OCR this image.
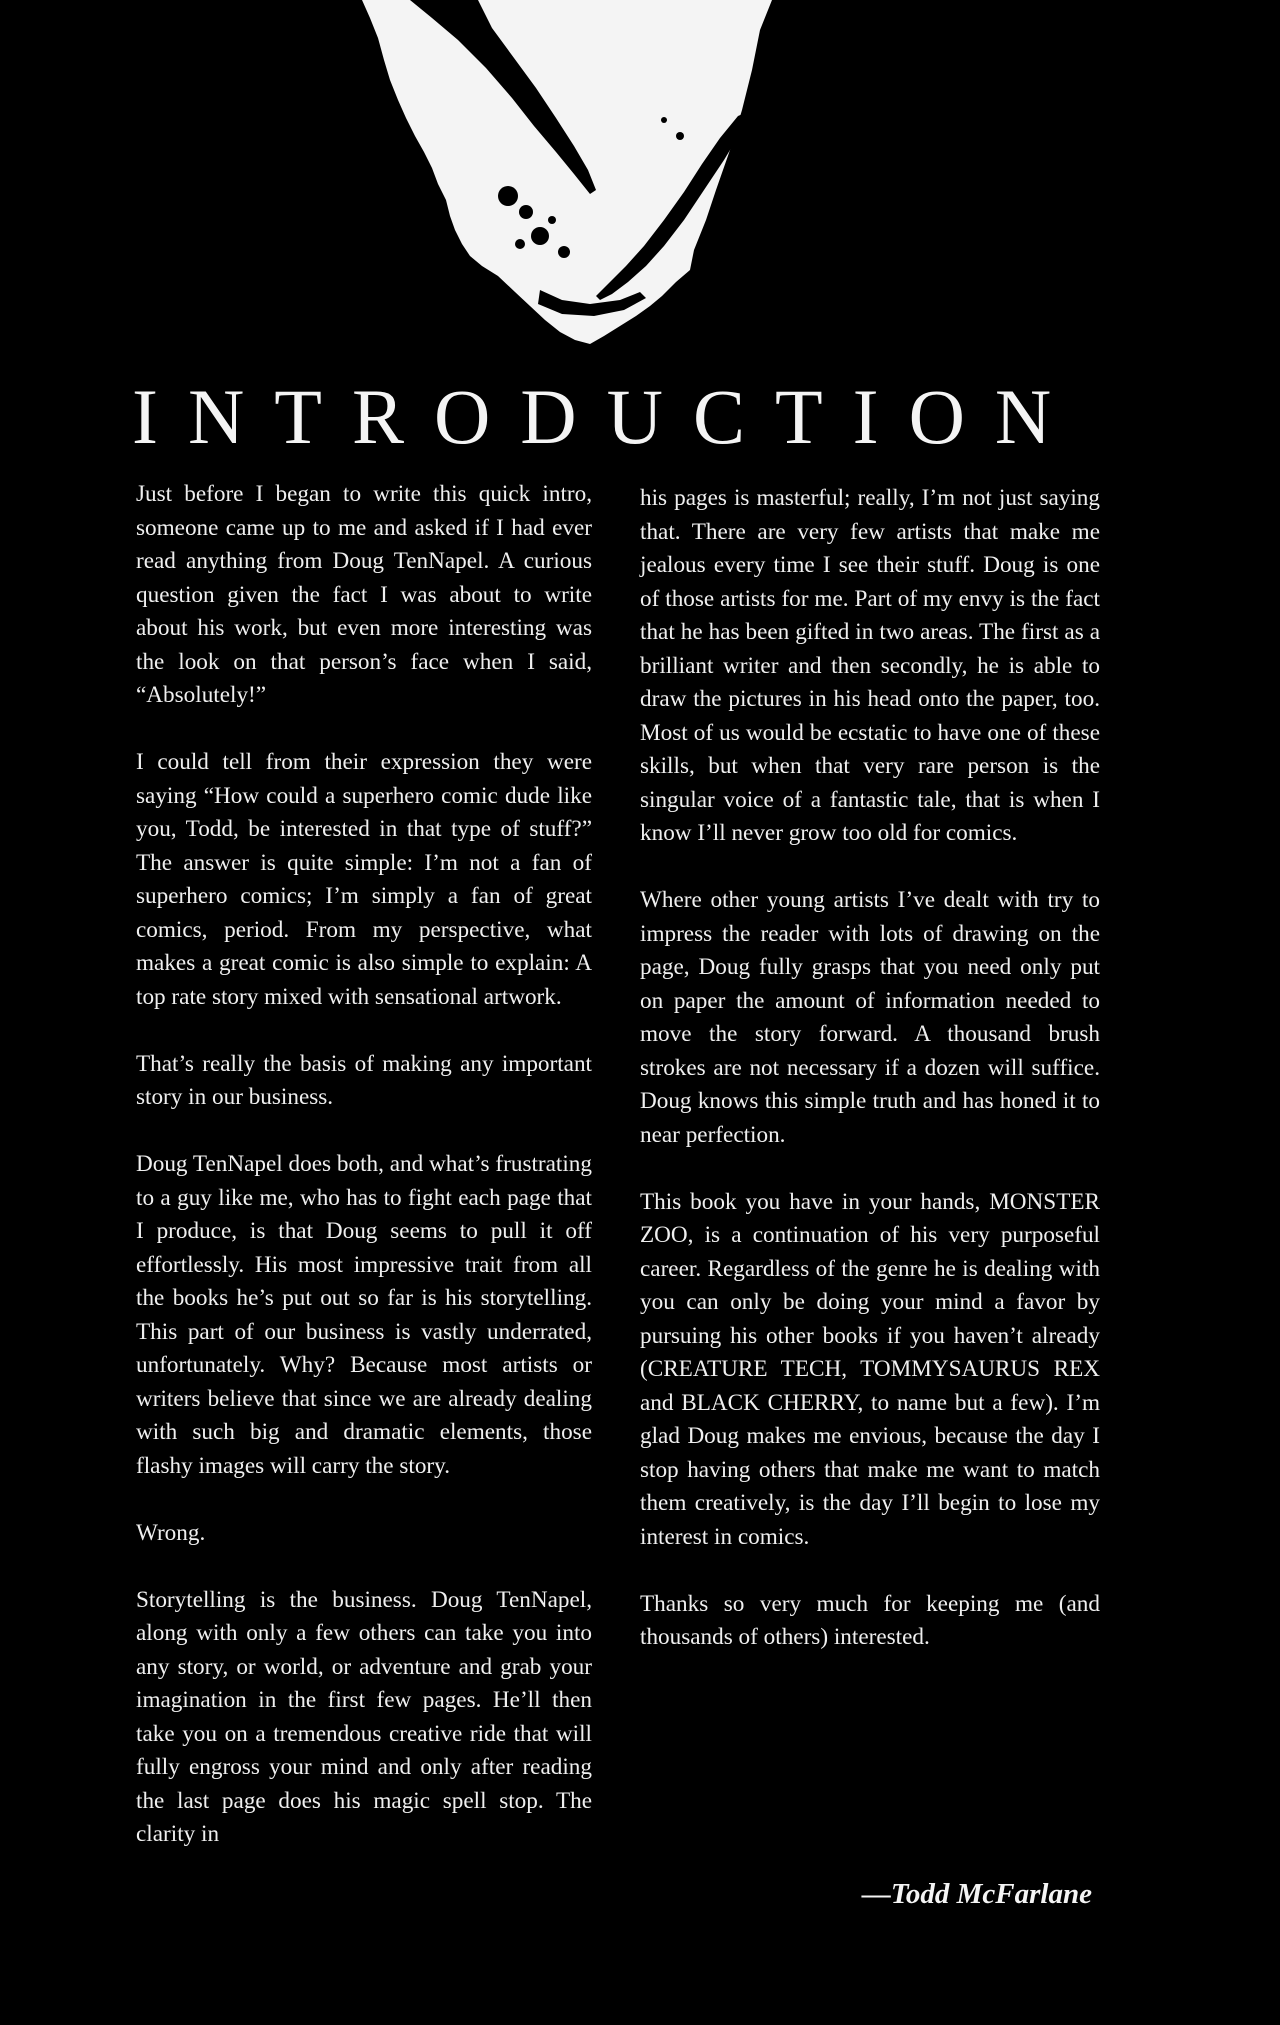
INTRODUCTION

Just before I began to write this quick intro, someone came up to me and asked if I had ever read anything from Doug TenNapel. A curious question given the fact I was about to write about his work, but even more interesting was the look on that person’s face when I said, “Absolutely!”

I could tell from their expression they were saying “How could a superhero comic dude like you, Todd, be interested in that type of stuff?” The answer is quite simple: I’m not a fan of superhero comics; I’m simply a fan of great comics, period. From my perspective, what makes a great comic is also simple to explain: A top rate story mixed with sensational artwork.

That’s really the basis of making any important story in our business.

Doug TenNapel does both, and what’s frustrating to a guy like me, who has to fight each page that I produce, is that Doug seems to pull it off effortlessly. His most impressive trait from all the books he’s put out so far is his storytelling. This part of our business is vastly underrated, unfortunately. Why? Because most artists or writers believe that since we are already dealing with such big and dramatic elements, those flashy images will carry the story.

Wrong.

Storytelling is the business. Doug TenNapel, along with only a few others can take you into any story, or world, or adventure and grab your imagination in the first few pages. He’ll then take you on a tremendous creative ride that will fully engross your mind and only after reading the last page does his magic spell stop. The clarity in

his pages is masterful; really, I’m not just saying that. There are very few artists that make me jealous every time I see their stuff. Doug is one of those artists for me. Part of my envy is the fact that he has been gifted in two areas. The first as a brilliant writer and then secondly, he is able to draw the pictures in his head onto the paper, too. Most of us would be ecstatic to have one of these skills, but when that very rare person is the singular voice of a fantastic tale, that is when I know I’ll never grow too old for comics.

Where other young artists I’ve dealt with try to impress the reader with lots of drawing on the page, Doug fully grasps that you need only put on paper the amount of information needed to move the story forward. A thousand brush strokes are not necessary if a dozen will suffice. Doug knows this simple truth and has honed it to near perfection.

This book you have in your hands, MONSTER ZOO, is a continuation of his very purposeful career. Regardless of the genre he is dealing with you can only be doing your mind a favor by pursuing his other books if you haven’t already (CREATURE TECH, TOMMYSAURUS REX and BLACK CHERRY, to name but a few). I’m glad Doug makes me envious, because the day I stop having others that make me want to match them creatively, is the day I’ll begin to lose my interest in comics.

Thanks so very much for keeping me (and thousands of others) interested.

—Todd McFarlane
